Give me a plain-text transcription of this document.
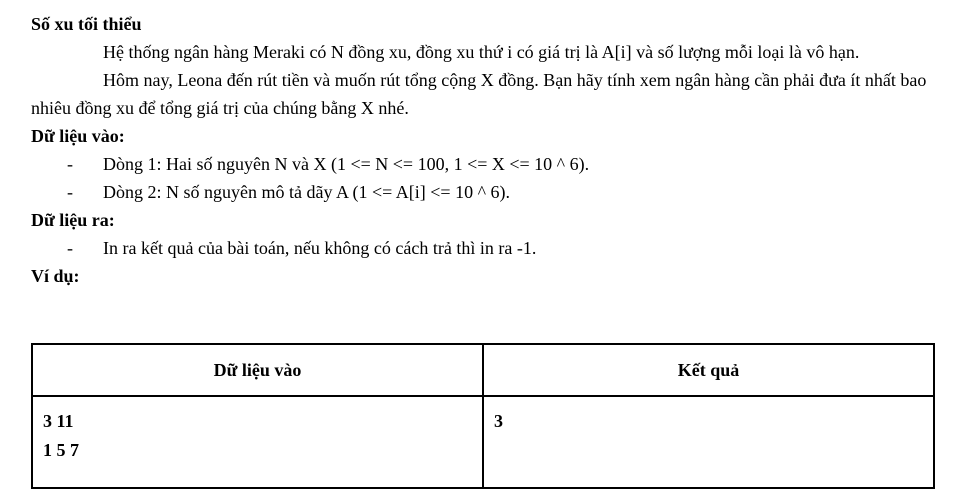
Số xu tối thiểu

Hệ thống ngân hàng Meraki có N đồng xu, đồng xu thứ i có giá trị là A[i] và số lượng mỗi loại là vô hạn.

Hôm nay, Leona đến rút tiền và muốn rút tổng cộng X đồng. Bạn hãy tính xem ngân hàng cần phải đưa ít nhất bao nhiêu đồng xu để tổng giá trị của chúng bằng X nhé.

Dữ liệu vào:

- Dòng 1: Hai số nguyên N và X (1 <= N <= 100, 1 <= X <= 10 ^ 6).

- Dòng 2: N số nguyên mô tả dãy A (1 <= A[i] <= 10 ^ 6).

Dữ liệu ra:

- In ra kết quả của bài toán, nếu không có cách trả thì in ra -1.

Ví dụ:

Dữ liệu vào	Kết quả

3 11
1 5 7	3
